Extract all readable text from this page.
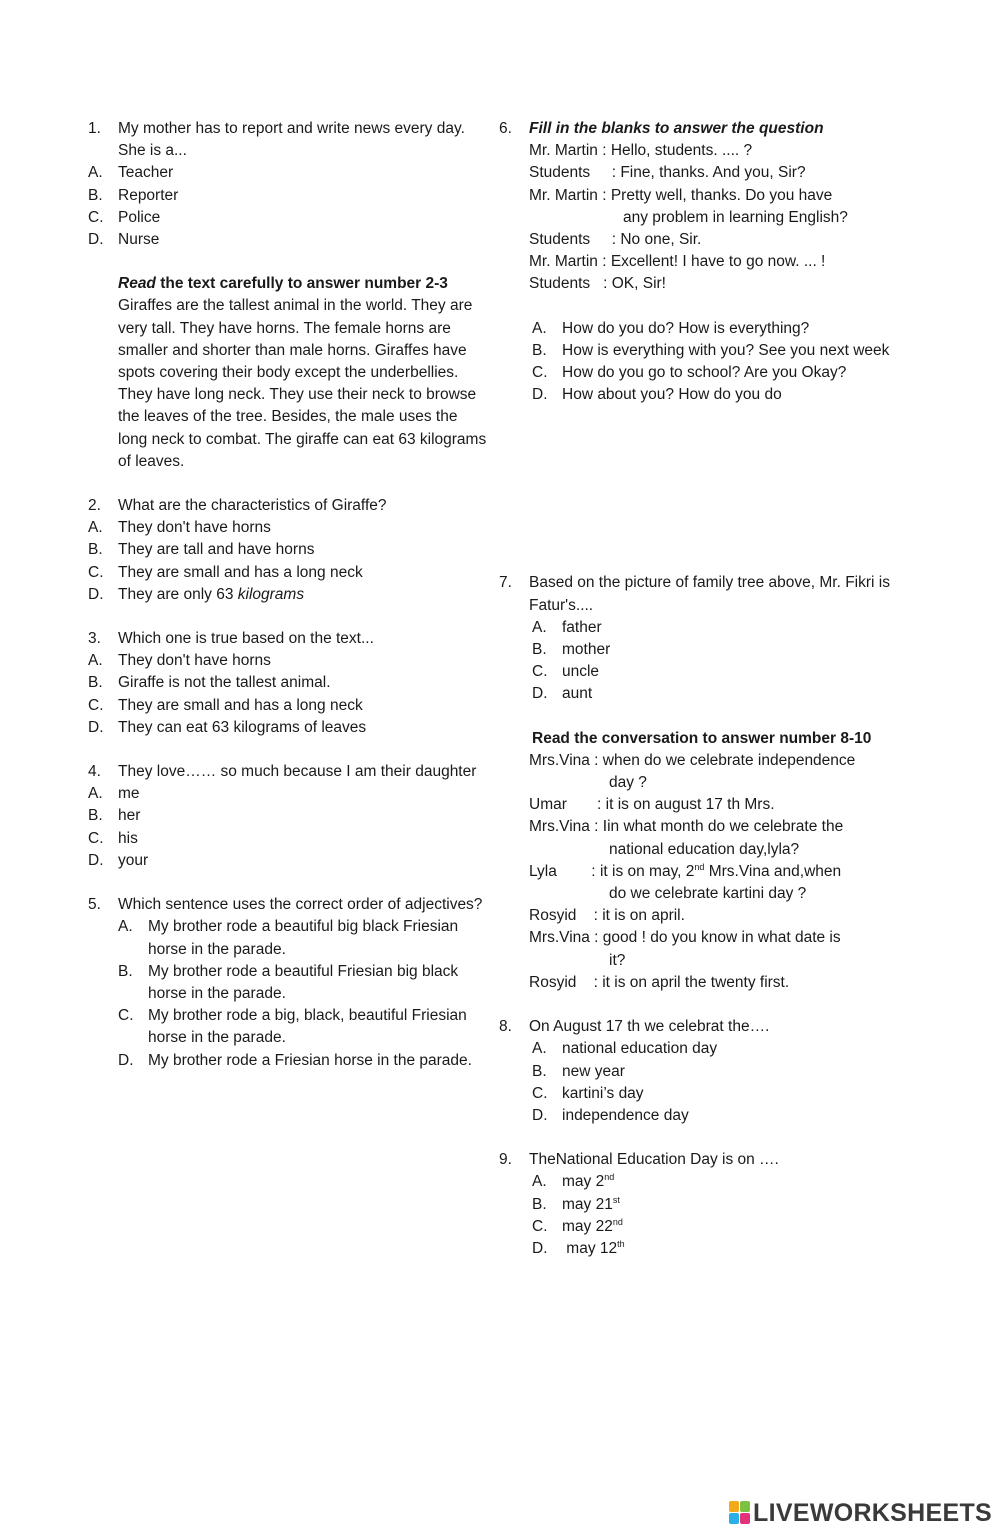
1. My mother has to report and write news every day. She is a...
A. Teacher
B. Reporter
C. Police
D. Nurse
Read the text carefully to answer number 2-3
Giraffes are the tallest animal in the world. They are very tall. They have horns. The female horns are smaller and shorter than male horns. Giraffes have spots covering their body except the underbellies. They have long neck. They use their neck to browse the leaves of the tree. Besides, the male uses the long neck to combat. The giraffe can eat 63 kilograms of leaves.
2. What are the characteristics of Giraffe?
A. They don't have horns
B. They are tall and have horns
C. They are small and has a long neck
D. They are only 63 kilograms
3. Which one is true based on the text...
A. They don't have horns
B. Giraffe is not the tallest animal.
C. They are small and has a long neck
D. They can eat 63 kilograms of leaves
4. They love…… so much because I am their daughter
A. me
B. her
C. his
D. your
5. Which sentence uses the correct order of adjectives?
A. My brother rode a beautiful big black Friesian horse in the parade.
B. My brother rode a beautiful Friesian big black horse in the parade.
C. My brother rode a big, black, beautiful Friesian horse in the parade.
D. My brother rode a Friesian horse in the parade.
6. Fill in the blanks to answer the question
Mr. Martin : Hello, students. .... ?
Students     : Fine, thanks. And you, Sir?
Mr. Martin : Pretty well, thanks. Do you have
any problem in learning English?
Students     : No one, Sir.
Mr. Martin : Excellent! I have to go now. ... !
Students   : OK, Sir!
A. How do you do? How is everything?
B. How is everything with you? See you next week
C. How do you go to school? Are you Okay?
D. How about you? How do you do
7. Based on the picture of family tree above, Mr. Fikri is Fatur's....
A. father
B. mother
C. uncle
D. aunt
Read the conversation to answer number 8-10
Mrs.Vina : when do we celebrate independence
day ?
Umar       : it is on august 17 th Mrs.
Mrs.Vina : Iin what month do we celebrate the
national education day,lyla?
Lyla        : it is on may, 2nd Mrs.Vina and,when
do we celebrate kartini day ?
Rosyid    : it is on april.
Mrs.Vina : good ! do you know in what date is
it?
Rosyid    : it is on april the twenty first.
8. On August 17 th we celebrat the….
A. national education day
B. new year
C. kartini’s day
D. independence day
9. TheNational Education Day is on ….
A. may 2nd
B. may 21st
C. may 22nd
D. may 12th
LIVEWORKSHEETS
